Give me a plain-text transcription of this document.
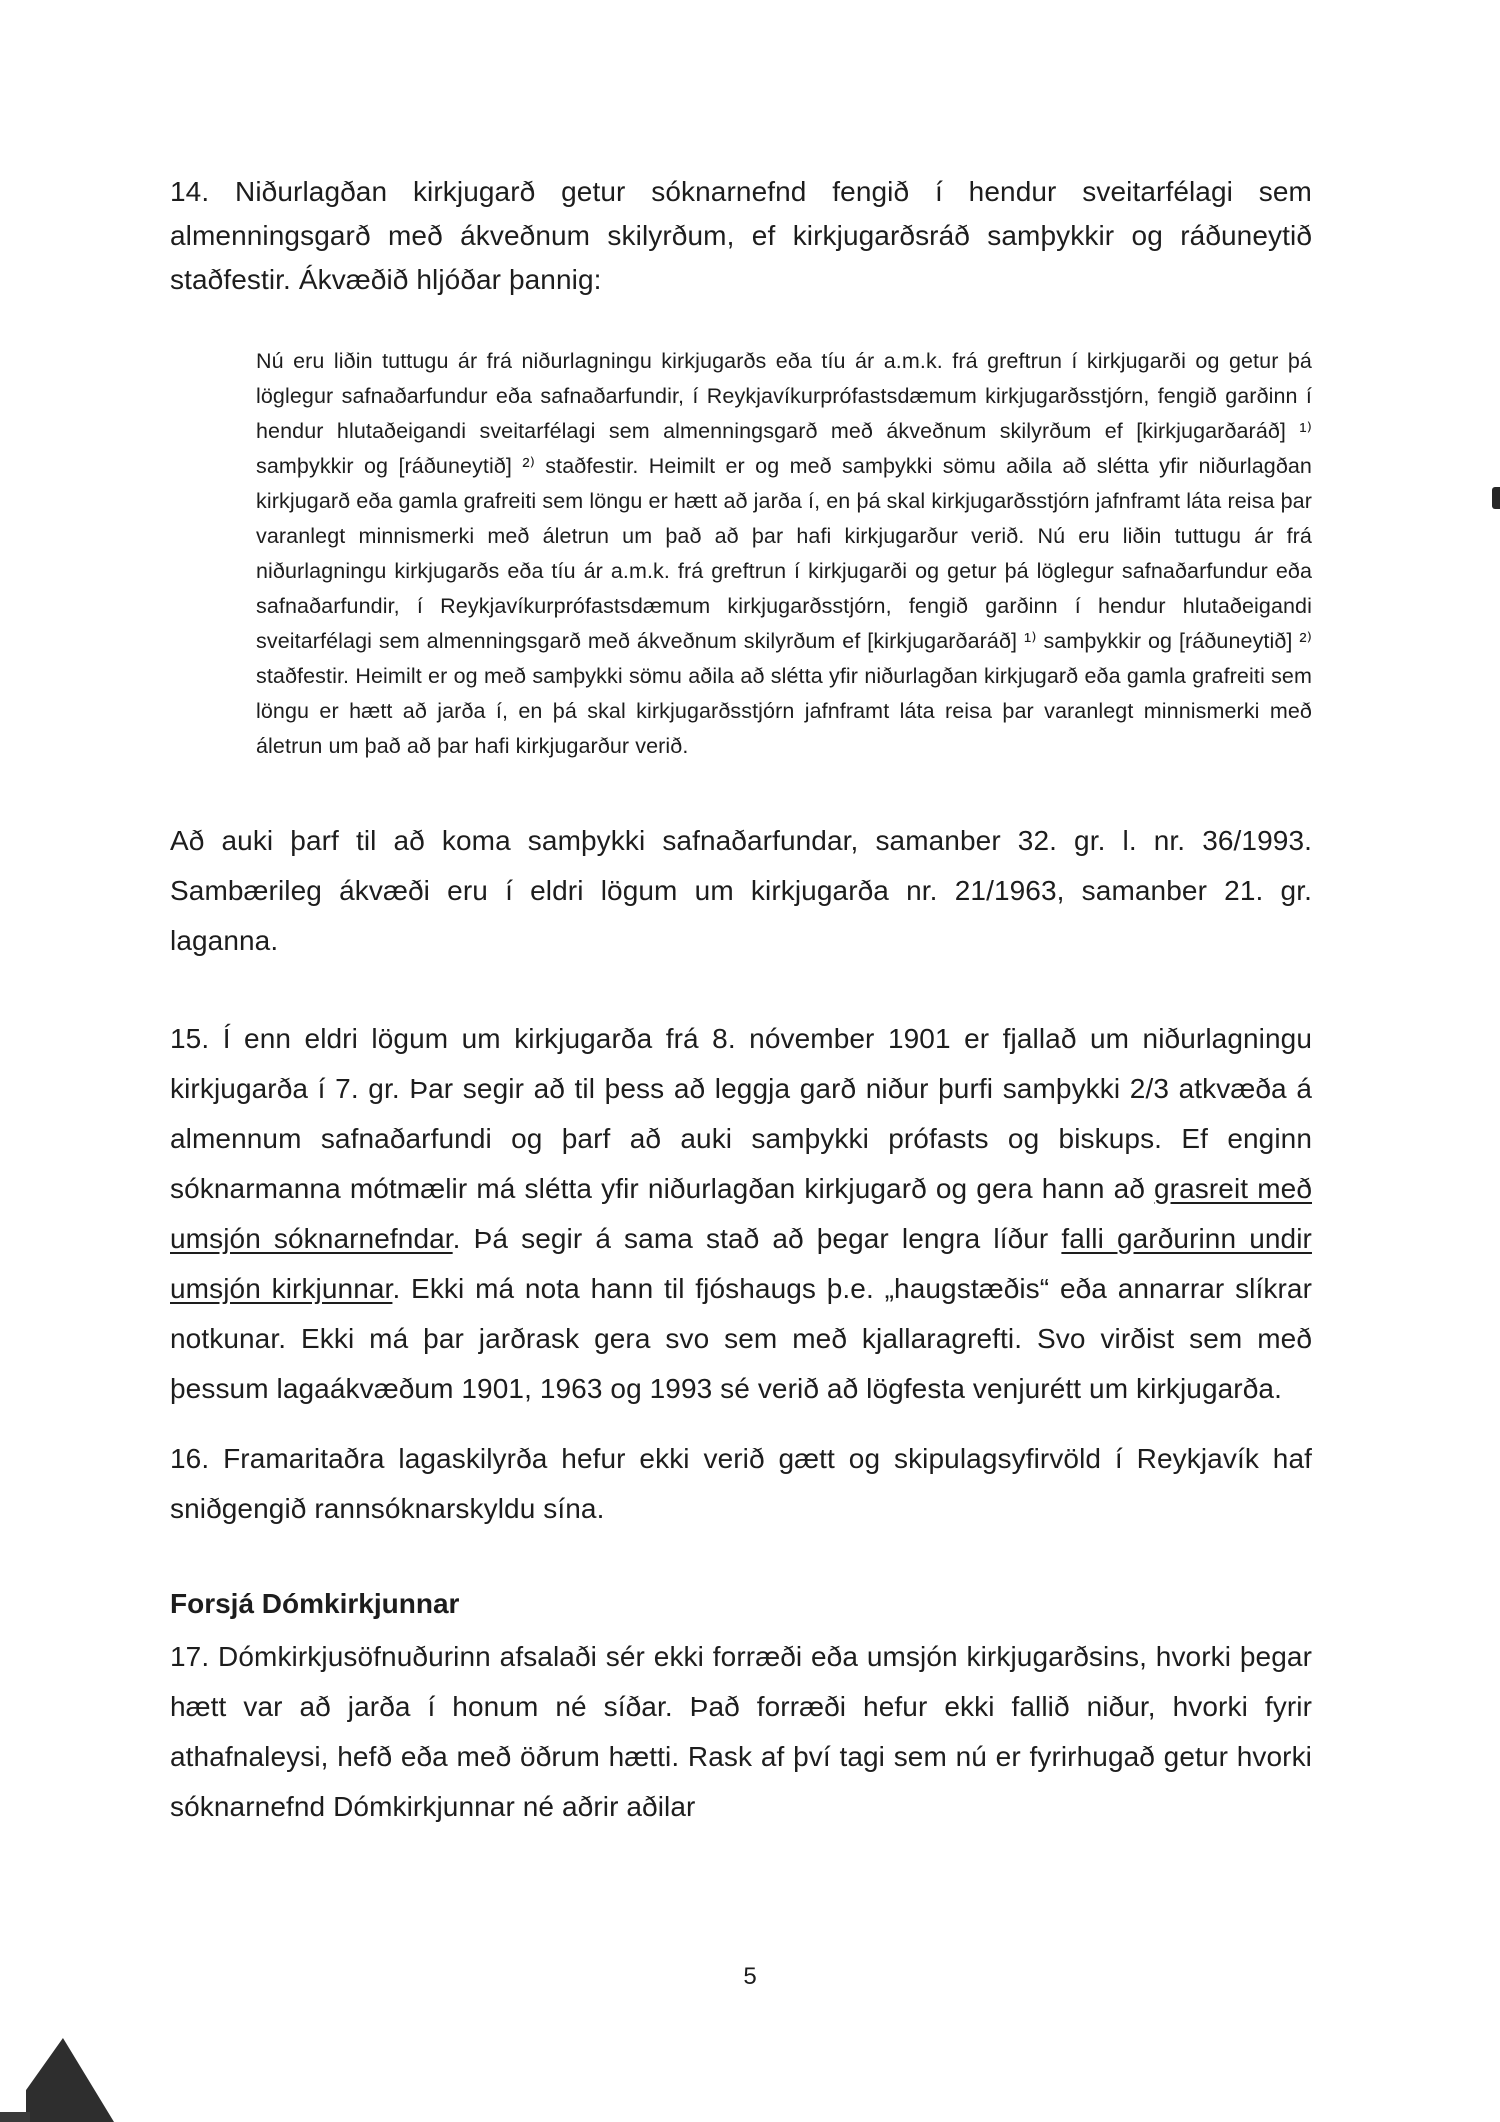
14. Niðurlagðan kirkjugarð getur sóknarnefnd fengið í hendur sveitarfélagi sem almenningsgarð með ákveðnum skilyrðum, ef kirkjugarðsráð samþykkir og ráðuneytið staðfestir. Ákvæðið hljóðar þannig:

Nú eru liðin tuttugu ár frá niðurlagningu kirkjugarðs eða tíu ár a.m.k. frá greftrun í kirkjugarði og getur þá löglegur safnaðarfundur eða safnaðarfundir, í Reykjavíkurprófastsdæmum kirkjugarðsstjórn, fengið garðinn í hendur hlutaðeigandi sveitarfélagi sem almenningsgarð með ákveðnum skilyrðum ef [kirkjugarðaráð] ¹⁾ samþykkir og [ráðuneytið] ²⁾ staðfestir. Heimilt er og með samþykki sömu aðila að slétta yfir niðurlagðan kirkjugarð eða gamla grafreiti sem löngu er hætt að jarða í, en þá skal kirkjugarðsstjórn jafnframt láta reisa þar varanlegt minnismerki með áletrun um það að þar hafi kirkjugarður verið. Nú eru liðin tuttugu ár frá niðurlagningu kirkjugarðs eða tíu ár a.m.k. frá greftrun í kirkjugarði og getur þá löglegur safnaðarfundur eða safnaðarfundir, í Reykjavíkurprófastsdæmum kirkjugarðsstjórn, fengið garðinn í hendur hlutaðeigandi sveitarfélagi sem almenningsgarð með ákveðnum skilyrðum ef [kirkjugarðaráð] ¹⁾ samþykkir og [ráðuneytið] ²⁾ staðfestir. Heimilt er og með samþykki sömu aðila að slétta yfir niðurlagðan kirkjugarð eða gamla grafreiti sem löngu er hætt að jarða í, en þá skal kirkjugarðsstjórn jafnframt láta reisa þar varanlegt minnismerki með áletrun um það að þar hafi kirkjugarður verið.

Að auki þarf til að koma samþykki safnaðarfundar, samanber 32. gr. l. nr. 36/1993. Sambærileg ákvæði eru í eldri lögum um kirkjugarða nr. 21/1963, samanber 21. gr. laganna.

15. Í enn eldri lögum um kirkjugarða frá 8. nóvember 1901 er fjallað um niðurlagningu kirkjugarða í 7. gr. Þar segir að til þess að leggja garð niður þurfi samþykki 2/3 atkvæða á almennum safnaðarfundi og þarf að auki samþykki prófasts og biskups. Ef enginn sóknarmanna mótmælir má slétta yfir niðurlagðan kirkjugarð og gera hann að grasreit með umsjón sóknarnefndar. Þá segir á sama stað að þegar lengra líður falli garðurinn undir umsjón kirkjunnar. Ekki má nota hann til fjóshaugs þ.e. „haugstæðis“ eða annarrar slíkrar notkunar. Ekki má þar jarðrask gera svo sem með kjallaragrefti. Svo virðist sem með þessum lagaákvæðum 1901, 1963 og 1993 sé verið að lögfesta venjurétt um kirkjugarða.

16. Framaritaðra lagaskilyrða hefur ekki verið gætt og skipulagsyfirvöld í Reykjavík haf sniðgengið rannsóknarskyldu sína.

Forsjá Dómkirkjunnar

17. Dómkirkjusöfnuðurinn afsalaði sér ekki forræði eða umsjón kirkjugarðsins, hvorki þegar hætt var að jarða í honum né síðar. Það forræði hefur ekki fallið niður, hvorki fyrir athafnaleysi, hefð eða með öðrum hætti. Rask af því tagi sem nú er fyrirhugað getur hvorki sóknarnefnd Dómkirkjunnar né aðrir aðilar

5
